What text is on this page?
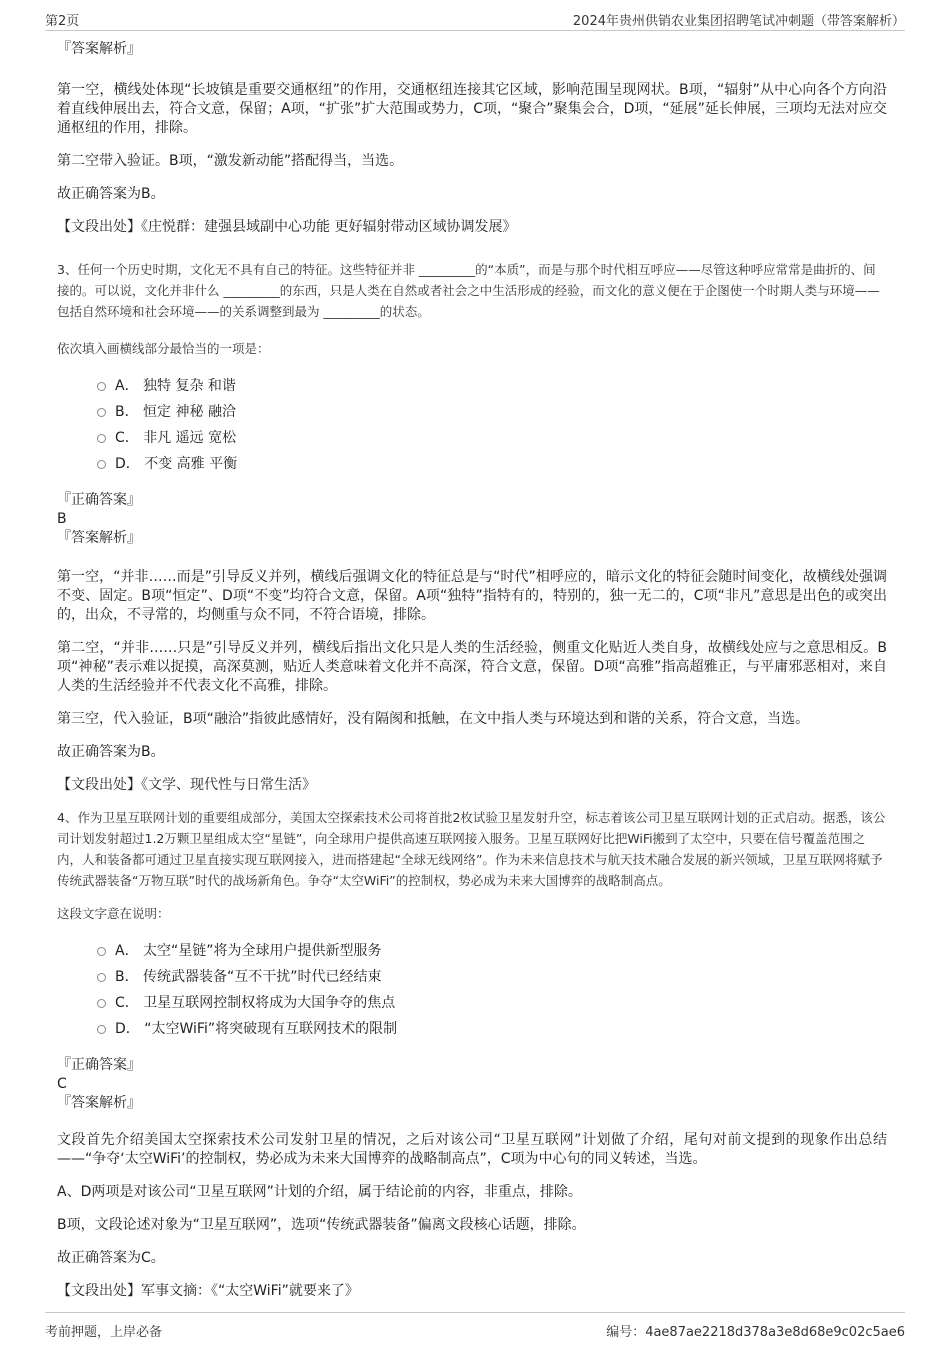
第2页	2024年贵州供销农业集团招聘笔试冲刺题（带答案解析）

『答案解析』

第一空，横线处体现“长坡镇是重要交通枢纽”的作用，交通枢纽连接其它区域，影响范围呈现网状。B项，“辐射”从中心向各个方向沿着直线伸展出去，符合文意，保留；A项，“扩张”扩大范围或势力，C项，“聚合”聚集会合，D项，“延展”延长伸展，三项均无法对应交通枢纽的作用，排除。

第二空带入验证。B项，“激发新动能”搭配得当，当选。

故正确答案为B。

【文段出处】《庄悦群：建强县域副中心功能 更好辐射带动区域协调发展》

3、任何一个历史时期，文化无不具有自己的特征。这些特征并非 _________的“本质”，而是与那个时代相互呼应——尽管这种呼应常常是曲折的、间接的。可以说，文化并非什么 _________的东西，只是人类在自然或者社会之中生活形成的经验，而文化的意义便在于企图使一个时期人类与环境——包括自然环境和社会环境——的关系调整到最为 _________的状态。

依次填入画横线部分最恰当的一项是：

A． 独特 复杂 和谐
B． 恒定 神秘 融洽
C． 非凡 遥远 宽松
D． 不变 高雅 平衡

『正确答案』

B

『答案解析』

第一空，“并非……而是”引导反义并列，横线后强调文化的特征总是与“时代”相呼应的，暗示文化的特征会随时间变化，故横线处强调不变、固定。B项“恒定”、D项“不变”均符合文意，保留。A项“独特”指特有的，特别的，独一无二的，C项“非凡”意思是出色的或突出的，出众，不寻常的，均侧重与众不同，不符合语境，排除。

第二空，“并非……只是”引导反义并列，横线后指出文化只是人类的生活经验，侧重文化贴近人类自身，故横线处应与之意思相反。B项“神秘”表示难以捉摸，高深莫测，贴近人类意味着文化并不高深，符合文意，保留。D项“高雅”指高超雅正，与平庸邪恶相对，来自人类的生活经验并不代表文化不高雅，排除。

第三空，代入验证，B项“融洽”指彼此感情好，没有隔阂和抵触，在文中指人类与环境达到和谐的关系，符合文意，当选。

故正确答案为B。

【文段出处】《文学、现代性与日常生活》

4、作为卫星互联网计划的重要组成部分，美国太空探索技术公司将首批2枚试验卫星发射升空，标志着该公司卫星互联网计划的正式启动。据悉，该公司计划发射超过1.2万颗卫星组成太空“星链”，向全球用户提供高速互联网接入服务。卫星互联网好比把WiFi搬到了太空中，只要在信号覆盖范围之内，人和装备都可通过卫星直接实现互联网接入，进而搭建起“全球无线网络”。作为未来信息技术与航天技术融合发展的新兴领域，卫星互联网将赋予传统武器装备“万物互联”时代的战场新角色。争夺“太空WiFi”的控制权，势必成为未来大国博弈的战略制高点。

这段文字意在说明：

A． 太空“星链”将为全球用户提供新型服务
B． 传统武器装备“互不干扰”时代已经结束
C． 卫星互联网控制权将成为大国争夺的焦点
D． “太空WiFi”将突破现有互联网技术的限制

『正确答案』

C

『答案解析』

文段首先介绍美国太空探索技术公司发射卫星的情况，之后对该公司“卫星互联网”计划做了介绍，尾句对前文提到的现象作出总结——“争夺‘太空WiFi’的控制权，势必成为未来大国博弈的战略制高点”，C项为中心句的同义转述，当选。

A、D两项是对该公司“卫星互联网”计划的介绍，属于结论前的内容，非重点，排除。

B项，文段论述对象为“卫星互联网”，选项“传统武器装备”偏离文段核心话题，排除。

故正确答案为C。

【文段出处】军事文摘：《“太空WiFi”就要来了》

考前押题，上岸必备	编号：4ae87ae2218d378a3e8d68e9c02c5ae6
